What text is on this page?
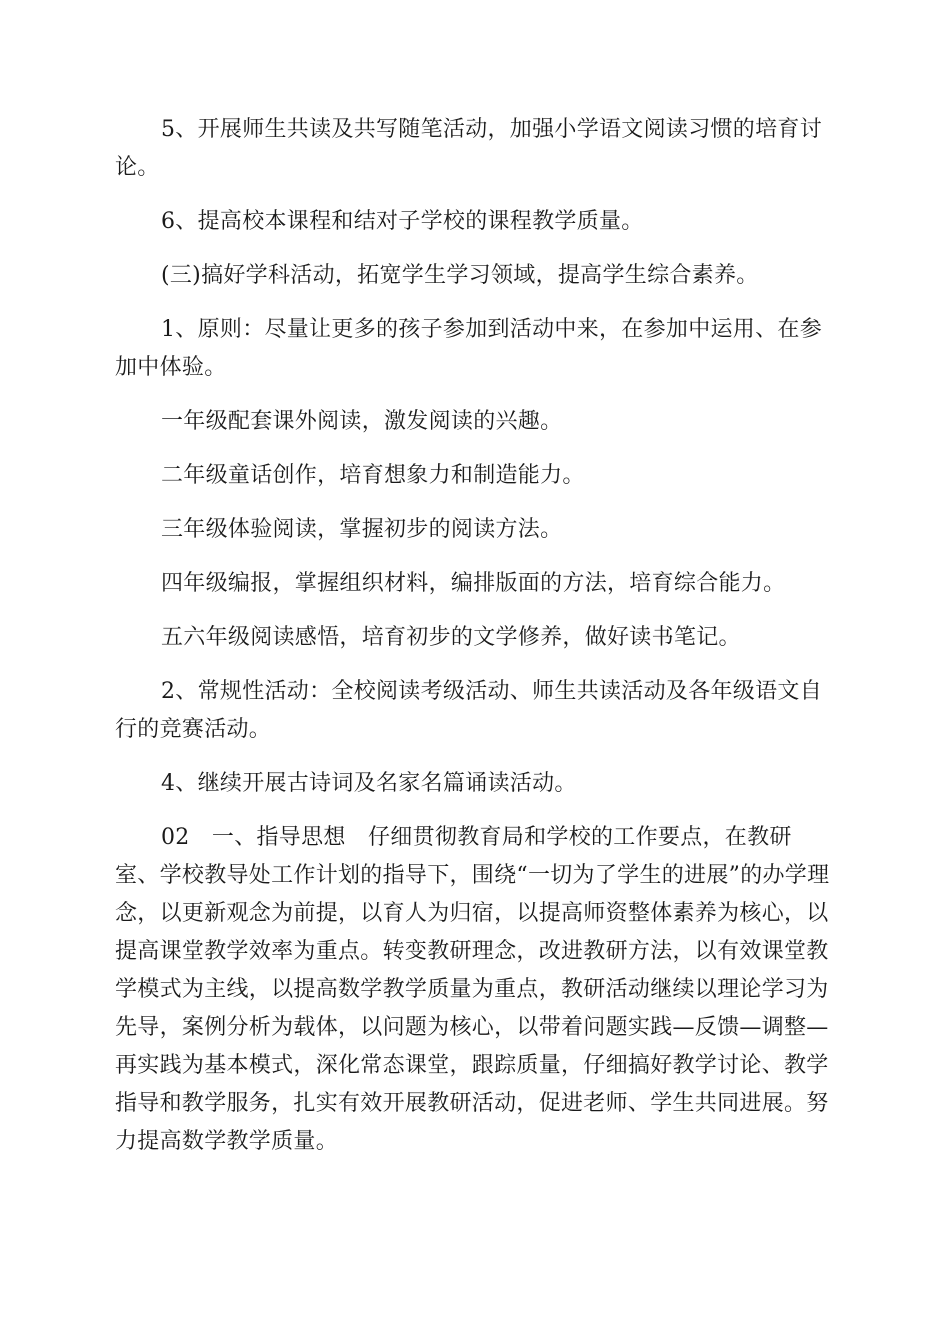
5、开展师生共读及共写随笔活动，加强小学语文阅读习惯的培育讨论。

6、提高校本课程和结对子学校的课程教学质量。

(三)搞好学科活动，拓宽学生学习领域，提高学生综合素养。

1、原则：尽量让更多的孩子参加到活动中来，在参加中运用、在参加中体验。

一年级配套课外阅读，激发阅读的兴趣。

二年级童话创作，培育想象力和制造能力。

三年级体验阅读，掌握初步的阅读方法。

四年级编报，掌握组织材料，编排版面的方法，培育综合能力。

五六年级阅读感悟，培育初步的文学修养，做好读书笔记。

2、常规性活动：全校阅读考级活动、师生共读活动及各年级语文自行的竞赛活动。

4、继续开展古诗词及名家名篇诵读活动。

02　一、指导思想　仔细贯彻教育局和学校的工作要点，在教研室、学校教导处工作计划的指导下，围绕“一切为了学生的进展”的办学理念，以更新观念为前提，以育人为归宿，以提高师资整体素养为核心，以提高课堂教学效率为重点。转变教研理念，改进教研方法，以有效课堂教学模式为主线，以提高数学教学质量为重点，教研活动继续以理论学习为先导，案例分析为载体，以问题为核心，以带着问题实践—反馈—调整—再实践为基本模式，深化常态课堂，跟踪质量，仔细搞好教学讨论、教学指导和教学服务，扎实有效开展教研活动，促进老师、学生共同进展。努力提高数学教学质量。
